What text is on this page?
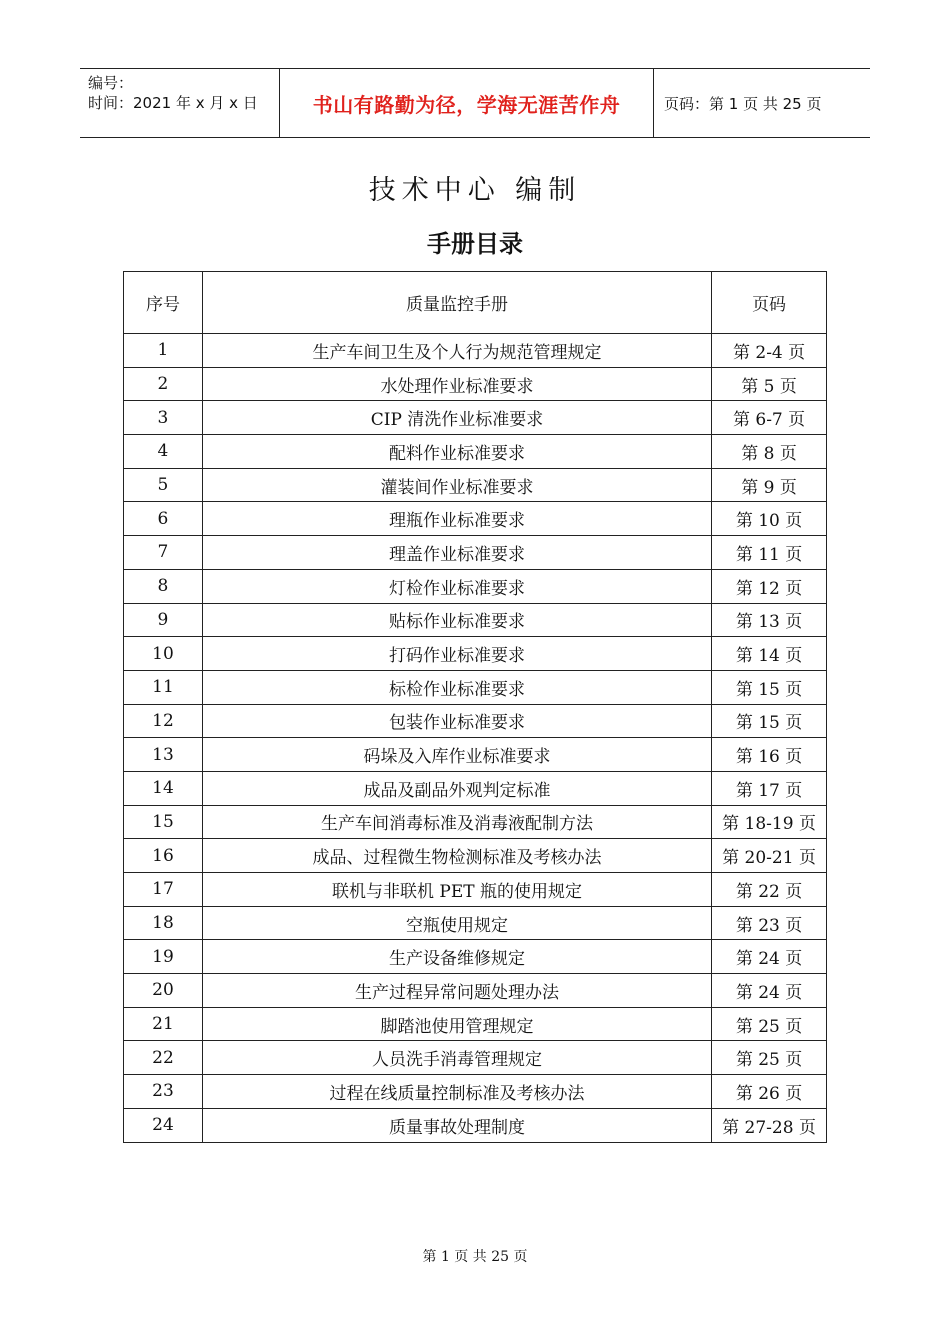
编号：
时间：2021 年 x 月 x 日	书山有路勤为径，学海无涯苦作舟	页码：第 1 页 共 25 页
技术中心 编制
手册目录
序号	质量监控手册	页码
1	生产车间卫生及个人行为规范管理规定	第 2-4 页
2	水处理作业标准要求	第 5 页
3	CIP 清洗作业标准要求	第 6-7 页
4	配料作业标准要求	第 8 页
5	灌装间作业标准要求	第 9 页
6	理瓶作业标准要求	第 10 页
7	理盖作业标准要求	第 11 页
8	灯检作业标准要求	第 12 页
9	贴标作业标准要求	第 13 页
10	打码作业标准要求	第 14 页
11	标检作业标准要求	第 15 页
12	包装作业标准要求	第 15 页
13	码垛及入库作业标准要求	第 16 页
14	成品及副品外观判定标准	第 17 页
15	生产车间消毒标准及消毒液配制方法	第 18-19 页
16	成品、过程微生物检测标准及考核办法	第 20-21 页
17	联机与非联机 PET 瓶的使用规定	第 22 页
18	空瓶使用规定	第 23 页
19	生产设备维修规定	第 24 页
20	生产过程异常问题处理办法	第 24 页
21	脚踏池使用管理规定	第 25 页
22	人员洗手消毒管理规定	第 25 页
23	过程在线质量控制标准及考核办法	第 26 页
24	质量事故处理制度	第 27-28 页
第 1 页 共 25 页
